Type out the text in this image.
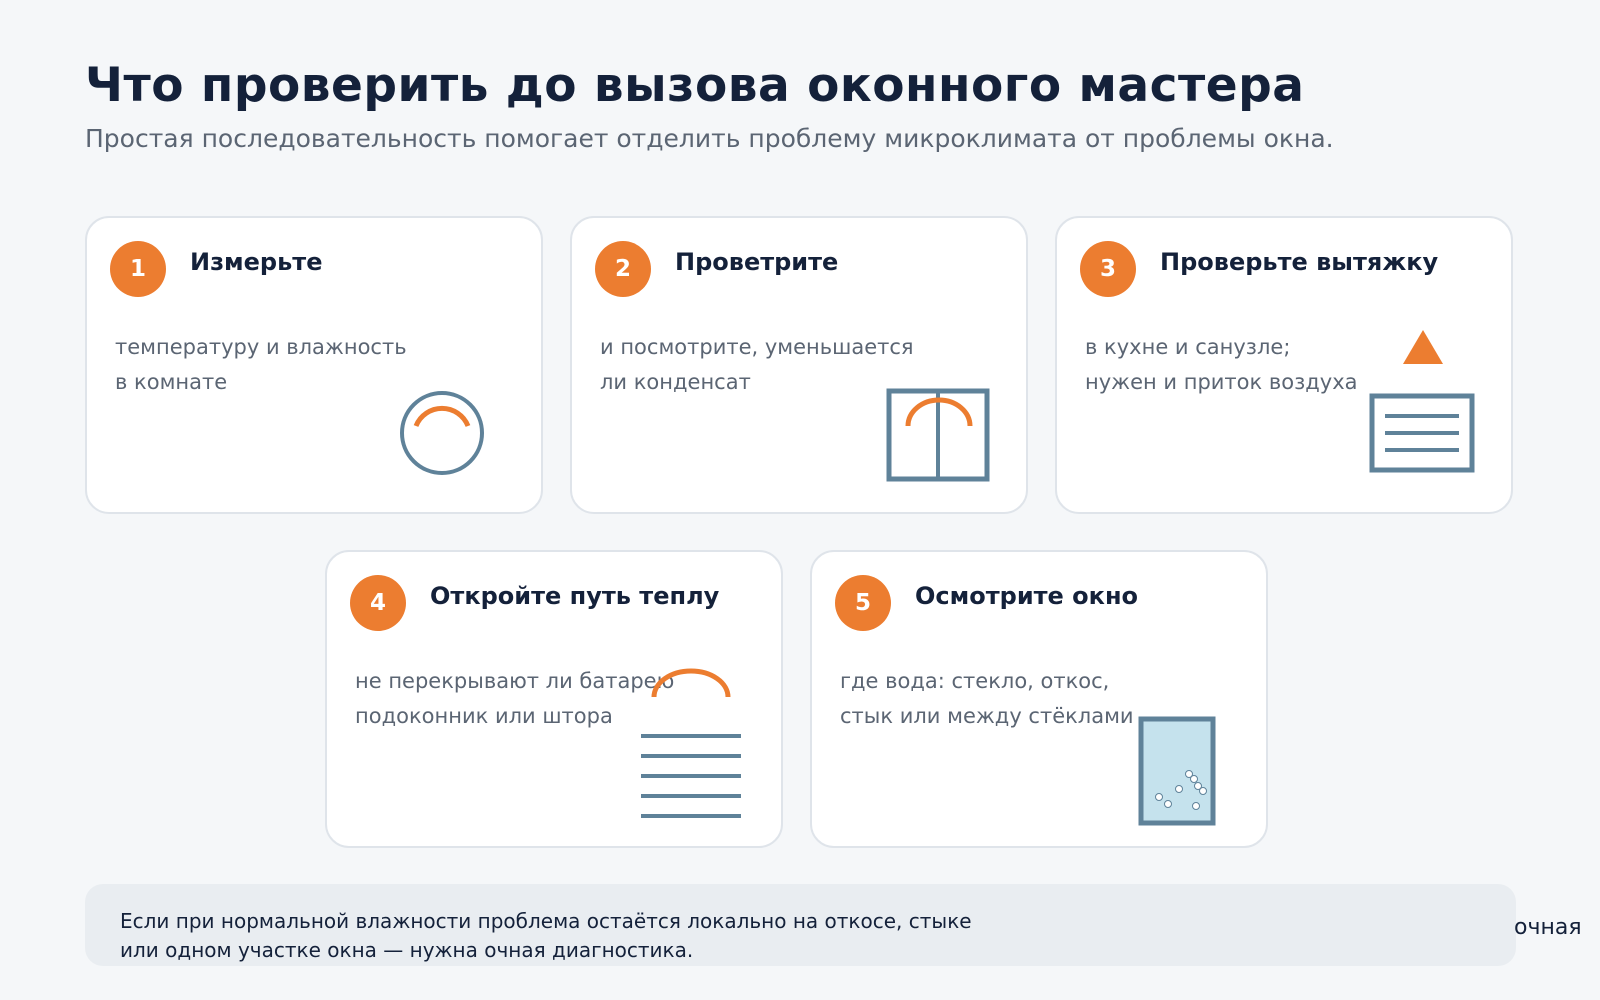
Что проверить до вызова оконного мастера
Простая последовательность помогает отделить проблему микроклимата от проблемы окна.
1	Измерьте
температуру и влажность
в комнате
2	Проветрите
и посмотрите, уменьшается
ли конденсат
3	Проверьте вытяжку
в кухне и санузле;
нужен и приток воздуха
4	Откройте путь теплу
не перекрывают ли батарею
подоконник или штора
5	Осмотрите окно
где вода: стекло, откос,
стык или между стёклами
Если при нормальной влажности проблема остаётся локально на откосе, стыке
или одном участке окна — нужна очная диагностика.
очная
